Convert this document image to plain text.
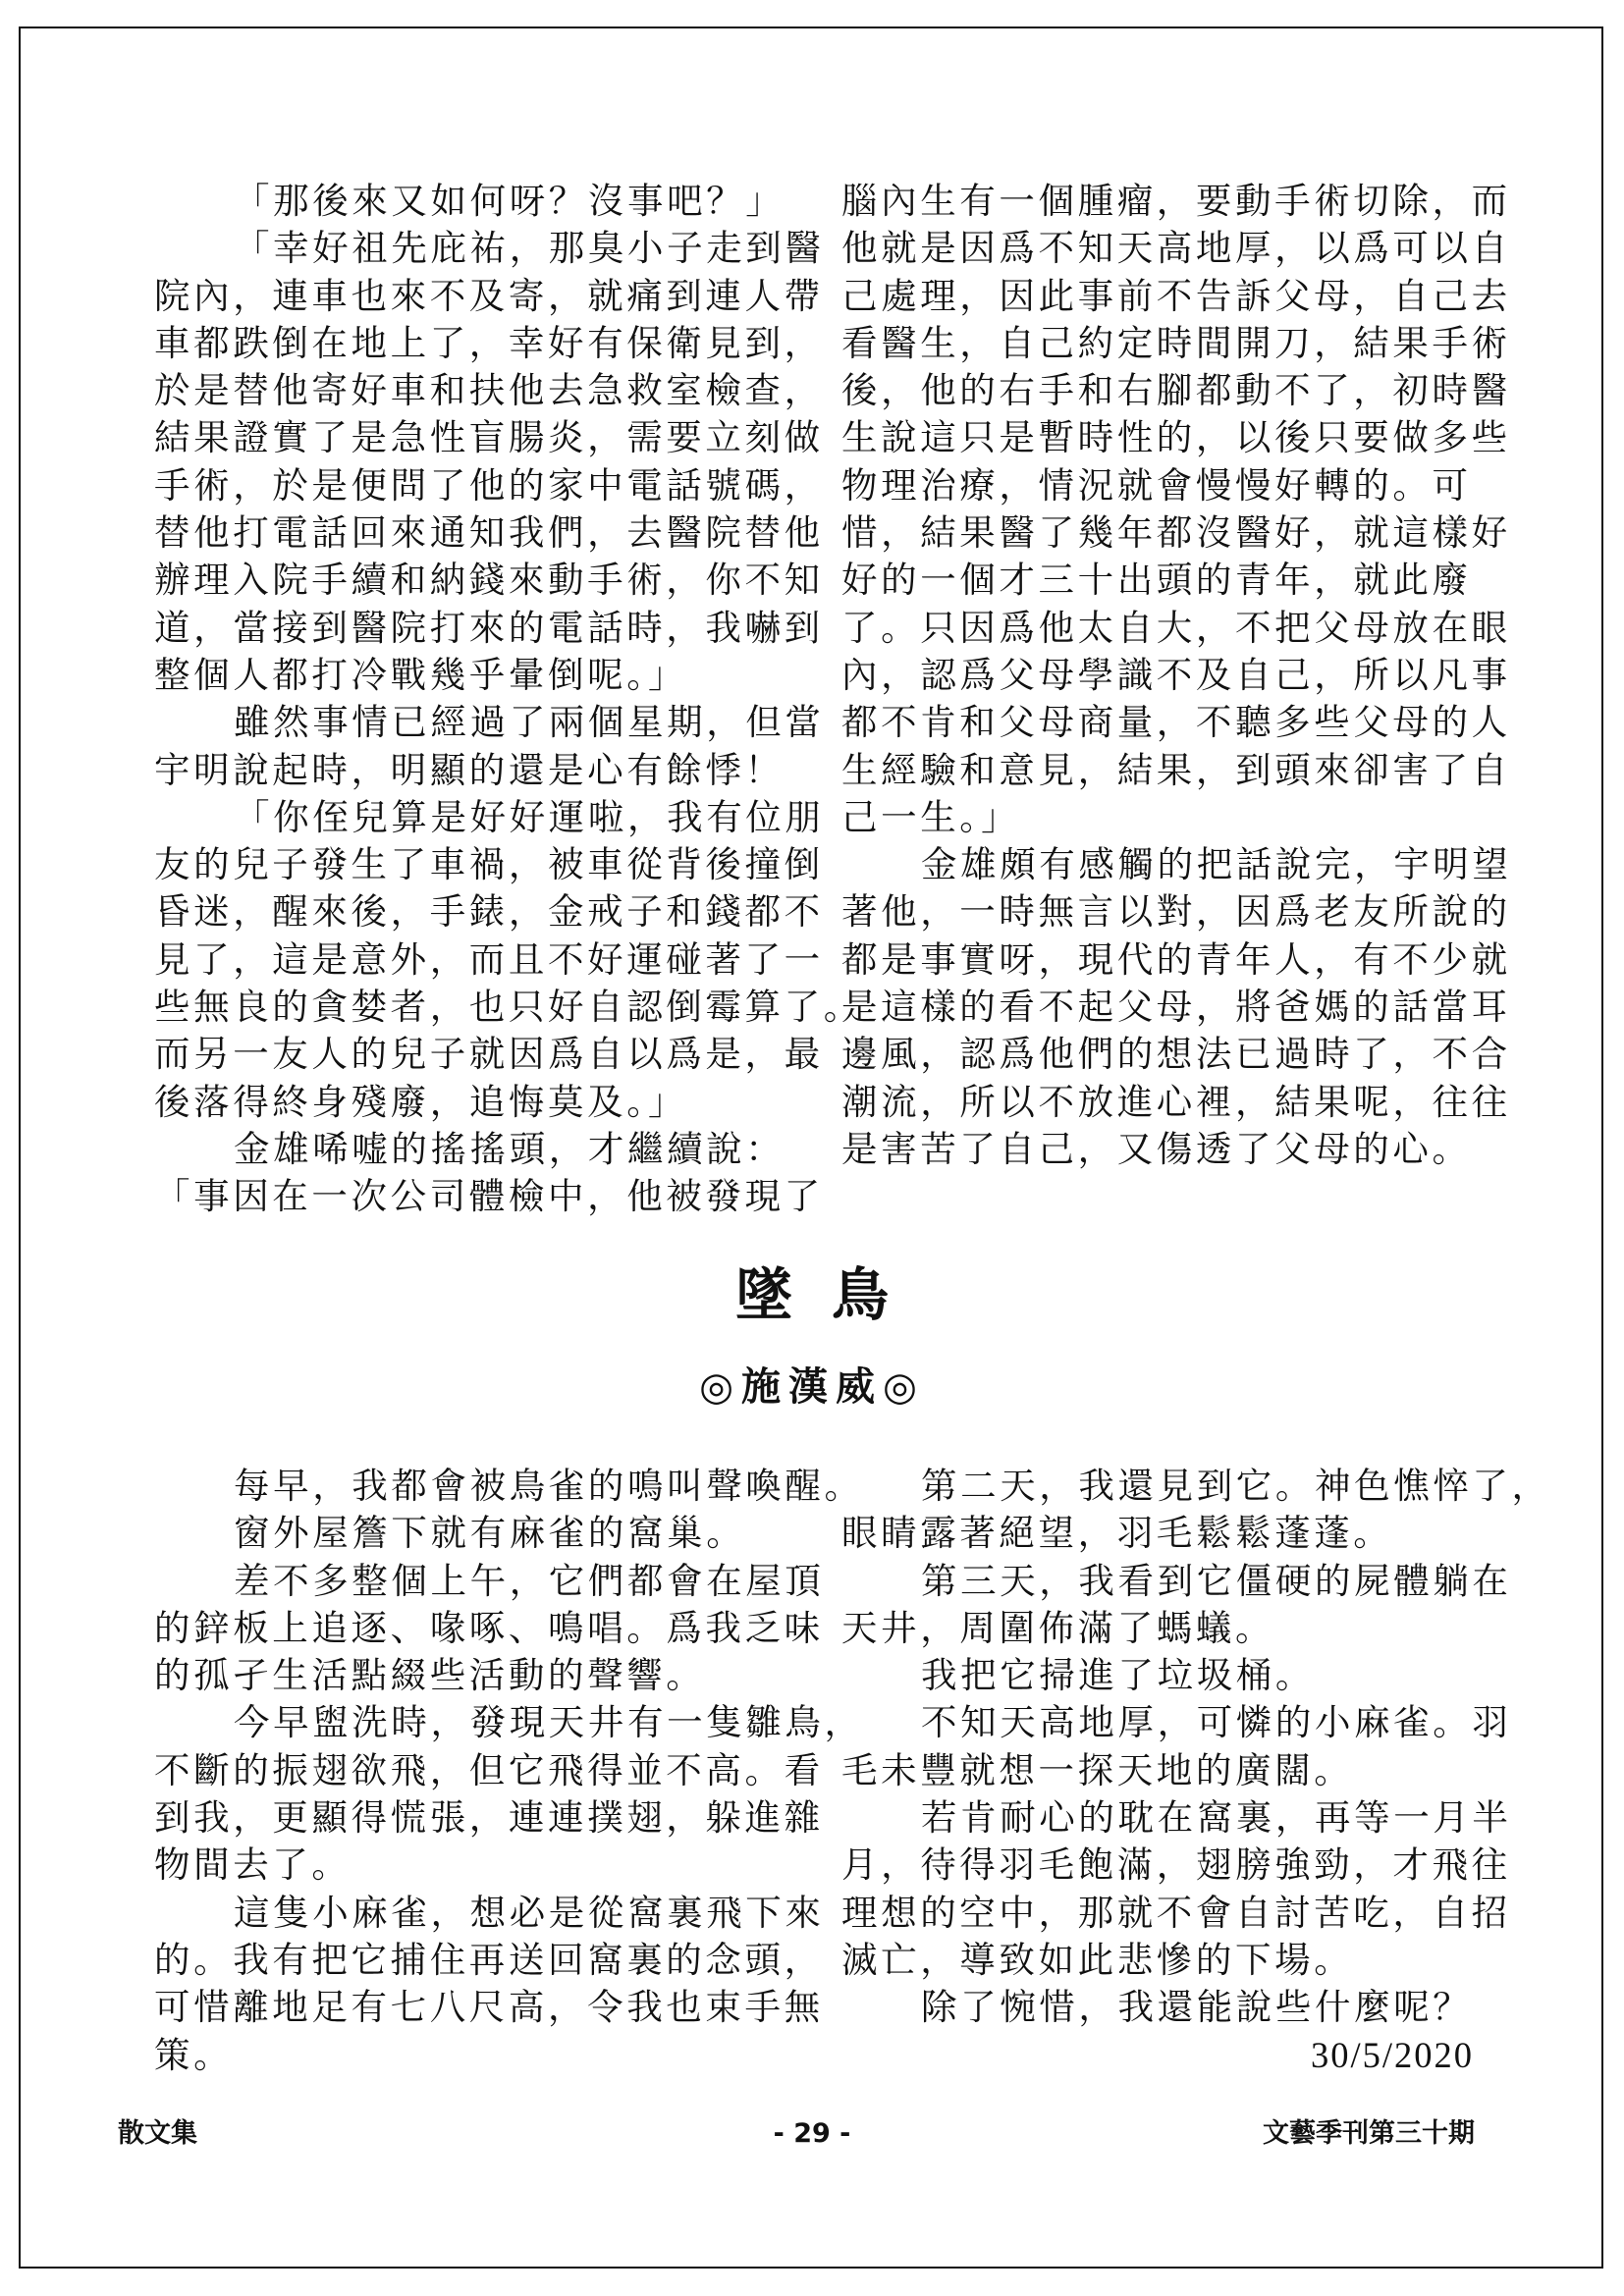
「那後來又如何呀？沒事吧？」

「幸好祖先庇祐，那臭小子走到醫

院內，連車也來不及寄，就痛到連人帶

車都跌倒在地上了，幸好有保衛見到，

於是替他寄好車和扶他去急救室檢查，

結果證實了是急性盲腸炎，需要立刻做

手術，於是便問了他的家中電話號碼，

替他打電話回來通知我們，去醫院替他

辦理入院手續和納錢來動手術，你不知

道，當接到醫院打來的電話時，我嚇到

整個人都打冷戰幾乎暈倒呢。」

雖然事情已經過了兩個星期，但當

宇明說起時，明顯的還是心有餘悸！

「你侄兒算是好好運啦，我有位朋

友的兒子發生了車禍，被車從背後撞倒

昏迷，醒來後，手錶，金戒子和錢都不

見了，這是意外，而且不好運碰著了一

些無良的貪婪者，也只好自認倒霉算了。

而另一友人的兒子就因爲自以爲是，最

後落得終身殘廢，追悔莫及。」

金雄唏嘘的搖搖頭，才繼續說：

「事因在一次公司體檢中，他被發現了

腦內生有一個腫瘤，要動手術切除，而

他就是因爲不知天高地厚，以爲可以自

己處理，因此事前不告訴父母，自己去

看醫生，自己約定時間開刀，結果手術

後，他的右手和右腳都動不了，初時醫

生說這只是暫時性的，以後只要做多些

物理治療，情況就會慢慢好轉的。可

惜，結果醫了幾年都沒醫好，就這樣好

好的一個才三十出頭的青年，就此廢

了。只因爲他太自大，不把父母放在眼

內，認爲父母學識不及自己，所以凡事

都不肯和父母商量，不聽多些父母的人

生經驗和意見，結果，到頭來卻害了自

己一生。」

金雄頗有感觸的把話說完，宇明望

著他，一時無言以對，因爲老友所說的

都是事實呀，現代的青年人，有不少就

是這樣的看不起父母，將爸媽的話當耳

邊風，認爲他們的想法已過時了，不合

潮流，所以不放進心裡，結果呢，往往

是害苦了自己，又傷透了父母的心。

墜鳥
◎施漢威◎

每早，我都會被鳥雀的鳴叫聲喚醒。

窗外屋簷下就有麻雀的窩巢。

差不多整個上午，它們都會在屋頂

的鋅板上追逐、喙啄、鳴唱。爲我乏味

的孤孑生活點綴些活動的聲響。

今早盥洗時，發現天井有一隻雛鳥，

不斷的振翅欲飛，但它飛得並不高。看

到我，更顯得慌張，連連撲翅，躲進雜

物間去了。

這隻小麻雀，想必是從窩裏飛下來

的。我有把它捕住再送回窩裏的念頭，

可惜離地足有七八尺高，令我也束手無

策。

第二天，我還見到它。神色憔悴了，

眼睛露著絕望，羽毛鬆鬆蓬蓬。

第三天，我看到它僵硬的屍體躺在

天井，周圍佈滿了螞蟻。

我把它掃進了垃圾桶。

不知天高地厚，可憐的小麻雀。羽

毛未豐就想一探天地的廣闊。

若肯耐心的耽在窩裏，再等一月半

月，待得羽毛飽滿，翅膀強勁，才飛往

理想的空中，那就不會自討苦吃，自招

滅亡，導致如此悲慘的下場。

除了惋惜，我還能說些什麼呢？

30/5/2020

散文集	- 29 -	文藝季刊第三十期
